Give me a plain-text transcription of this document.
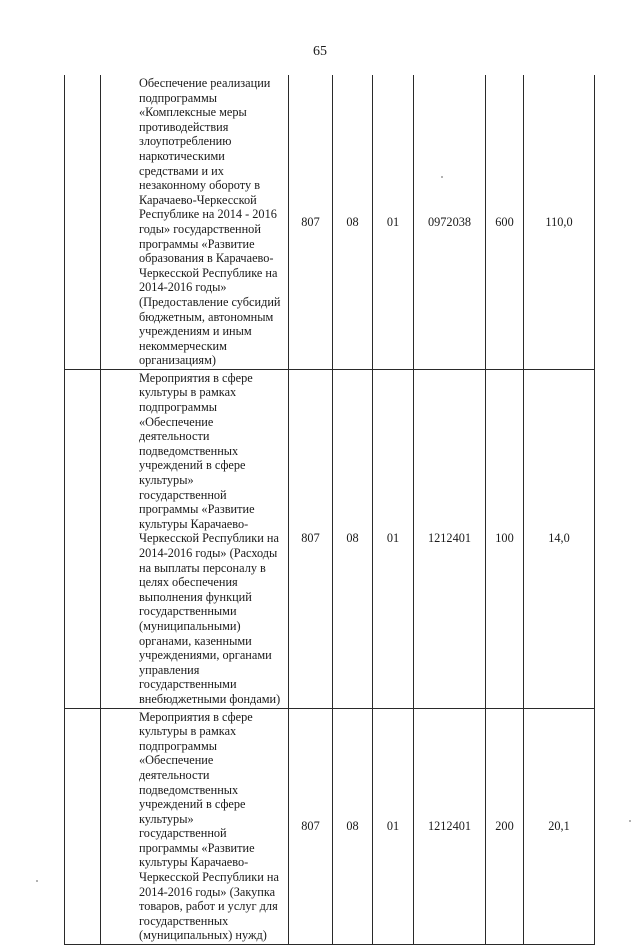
65
	Обеспечение реализации подпрограммы «Комплексные меры противодействия злоупотреблению наркотическими средствами и их незаконному обороту в Карачаево-Черкесской Республике на 2014 - 2016 годы» государственной программы «Развитие образования в Карачаево-Черкесской Республике на 2014-2016 годы» (Предоставление субсидий бюджетным, автономным учреждениям и иным некоммерческим организациям)	807	08	01	0972038	600	110,0
	Мероприятия в сфере культуры в рамках подпрограммы «Обеспечение деятельности подведомственных учреждений в сфере культуры» государственной программы «Развитие культуры Карачаево-Черкесской Республики на 2014-2016 годы» (Расходы на выплаты персоналу в целях обеспечения выполнения функций государственными (муниципальными) органами, казенными учреждениями, органами управления государственными внебюджетными фондами)	807	08	01	1212401	100	14,0
	Мероприятия в сфере культуры в рамках подпрограммы «Обеспечение деятельности подведомственных учреждений в сфере культуры» государственной программы «Развитие культуры Карачаево-Черкесской Республики на 2014-2016 годы» (Закупка товаров, работ и услуг для государственных (муниципальных) нужд)	807	08	01	1212401	200	20,1
